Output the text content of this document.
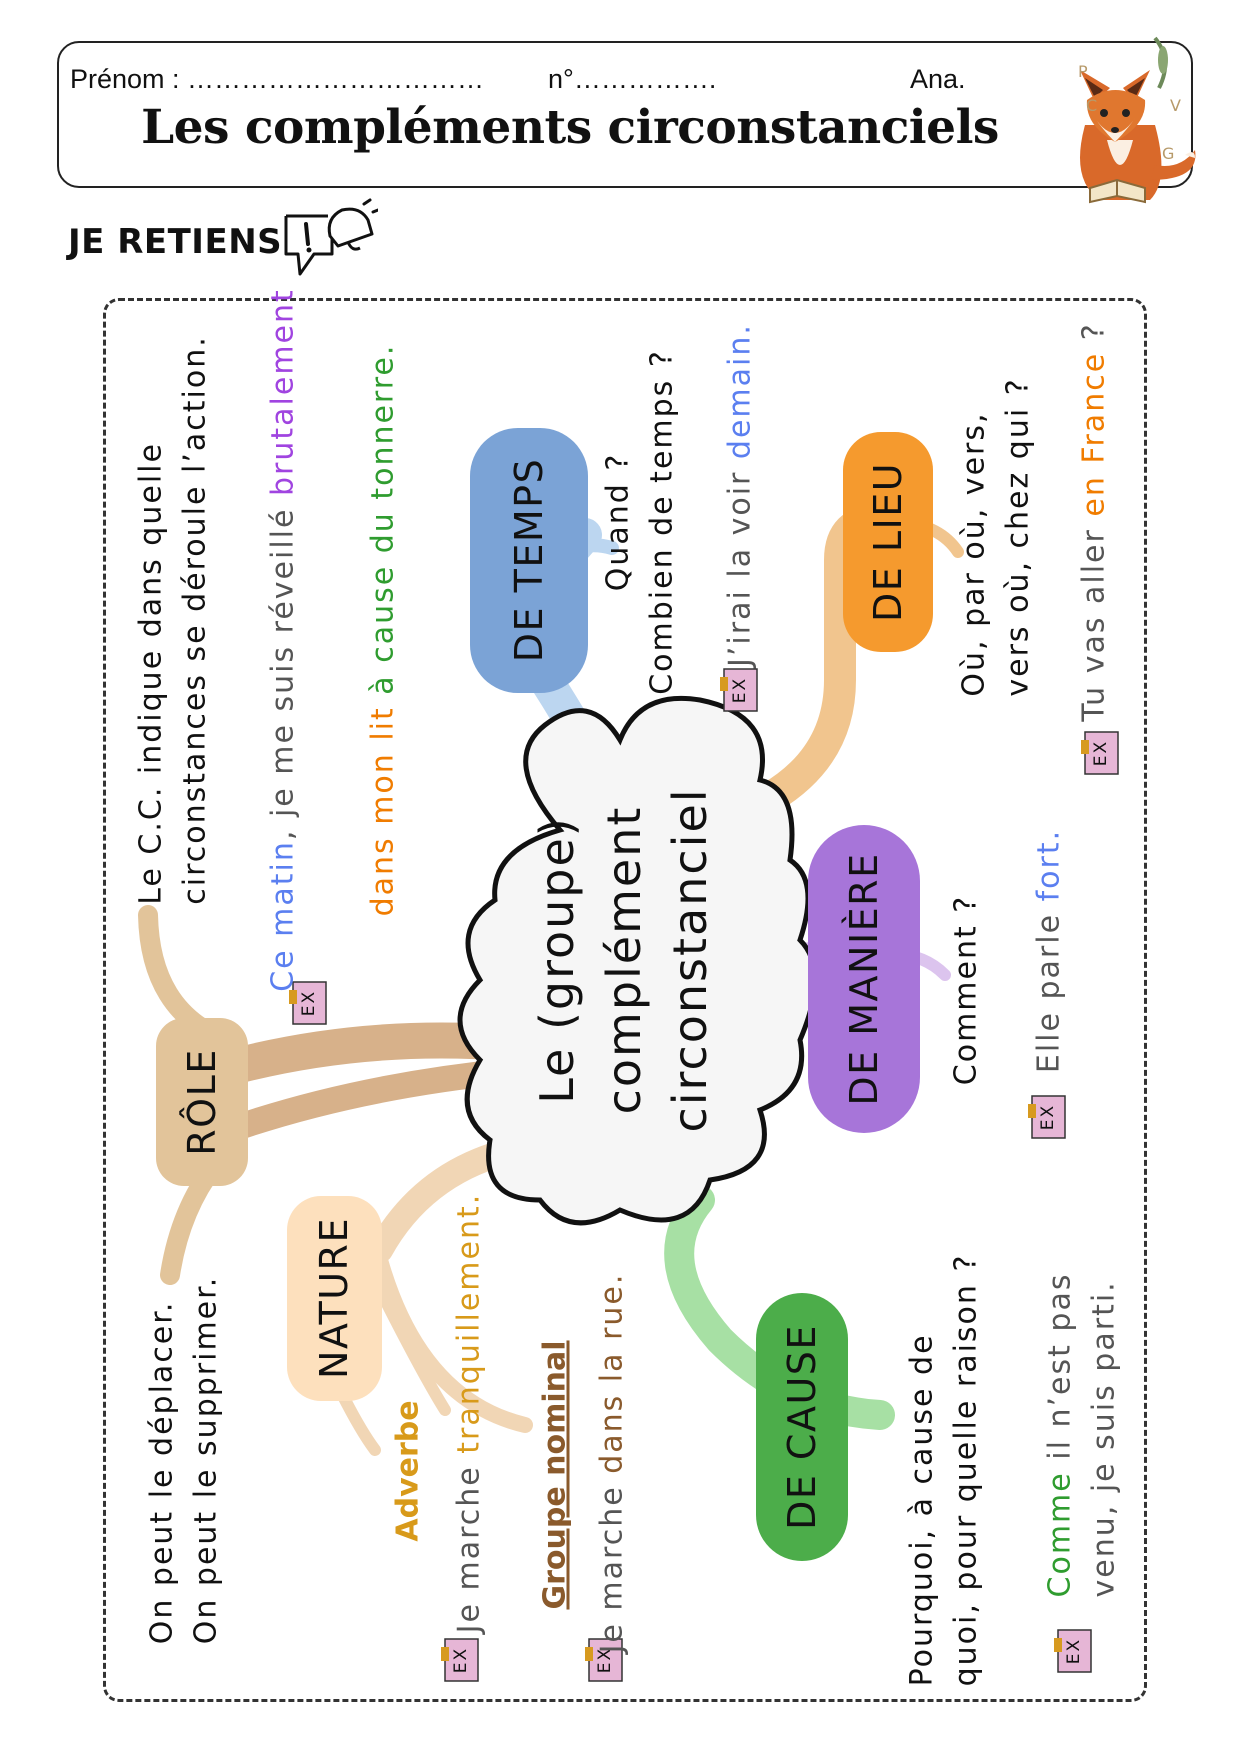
Prénom : …………………………… n°…………….	Ana.
Les compléments circonstanciels
P
C	V
G
JE RETIENS
EX
EX
EX
EX
EX	EX	EX
Le (groupe) complément circonstanciel
DE TEMPS	DE LIEU
DE MANIÈRE
DE CAUSE
RÔLE
NATURE
Le C.C. indique dans quelle circonstances se déroule l’action.
Ce matin, je me suis réveillé brutalement
dans mon lit à cause du tonnerre.
On peut le déplacer. On peut le supprimer.	Adverbe Je marche tranquillement.
Groupe nominal Je marche dans la rue.
Quand ? Combien de temps ? J’irai la voir demain.
Où, par où, vers, vers où, chez qui ? Tu vas aller en France ?
Comment ? Elle parle fort.
Pourquoi, à cause de quoi, pour quelle raison ? Comme il n’est pas venu, je suis parti.
